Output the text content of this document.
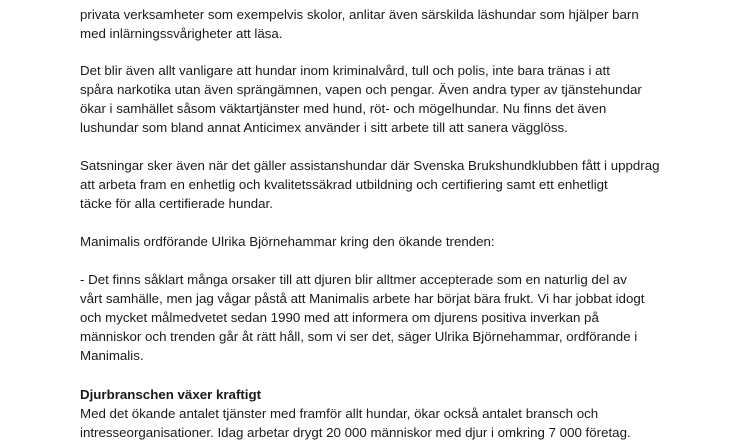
privata verksamheter som exempelvis skolor, anlitar även särskilda läshundar som hjälper barn
med inlärningssvårigheter att läsa.

Det blir även allt vanligare att hundar inom kriminalvård, tull och polis, inte bara tränas i att
spåra narkotika utan även sprängämnen, vapen och pengar. Även andra typer av tjänstehundar
ökar i samhället såsom väktartjänster med hund, röt- och mögelhundar. Nu finns det även
lushundar som bland annat Anticimex använder i sitt arbete till att sanera vägglöss.

Satsningar sker även när det gäller assistanshundar där Svenska Brukshundklubben fått i uppdrag
att arbeta fram en enhetlig och kvalitetssäkrad utbildning och certifiering samt ett enhetligt
täcke för alla certifierade hundar.

Manimalis ordförande Ulrika Björnehammar kring den ökande trenden:

- Det finns såklart många orsaker till att djuren blir alltmer accepterade som en naturlig del av
vårt samhälle, men jag vågar påstå att Manimalis arbete har börjat bära frukt. Vi har jobbat idogt
och mycket målmedvetet sedan 1990 med att informera om djurens positiva inverkan på
människor och trenden går åt rätt håll, som vi ser det, säger Ulrika Björnehammar, ordförande i
Manimalis.

Djurbranschen växer kraftigt

Med det ökande antalet tjänster med framför allt hundar, ökar också antalet bransch och
intresseorganisationer. Idag arbetar drygt 20 000 människor med djur i omkring 7 000 företag.
